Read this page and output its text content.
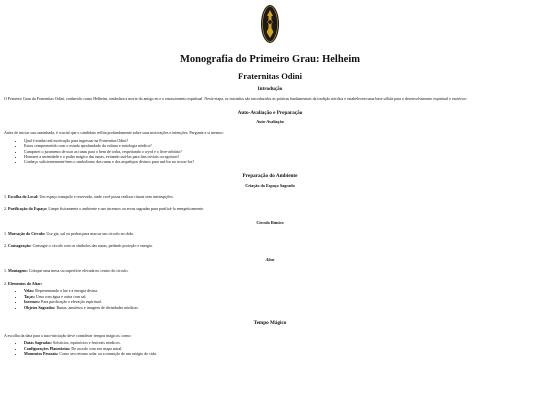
Monografia do Primeiro Grau: Helheim
Fraternitas Odini
Introdução

O Primeiro Grau da Fraternitas Odini, conhecido como Helheim, simboliza a morte do antigo eu e o renascimento espiritual. Neste etapa, os iniciados são introduzidos às práticas fundamentais da tradição nórdica e estabelecem uma base sólida para o desenvolvimento espiritual e esotérico.

Auto-Avaliação e Preparação
Auto-Avaliação

Antes de iniciar sua caminhada, é crucial que o candidato reflita profundamente sobre suas motivações e intenções. Pergunte a si mesmo:

• Qual é minha real motivação para ingressar na Fraternitas Odini?
• Estou comprometido com o estudo aprofundado da cultura e mitologia nórdica?
• Cumprirei o juramento de usar as runas para o bem de todos, respeitando o wyrd e o livre-arbítrio?
• Honrarei a serenidade e o poder mágico das runas, evitando usá-las para fins triviais ou egoístas?
• Conheço suficientemente bem o simbolismo das runas e dos arquétipos divinos para usá-los no trocar-los?
Preparação do Ambiente
Criação do Espaço Sagrado

1. Escolha do Local: Um espaço tranquilo e reservado, onde você possa realizar rituais sem interrupções.

2. Purificação do Espaço: Limpe fisicamente o ambiente e use incensos ou ervas sagradas para purificá-lo energeticamente.

Círculo Rúnico

1. Marcação do Círculo: Use giz, sal ou pedras para marcar um círculo no chão.

2. Consagração: Consagre o círculo com os símbolos das runas, pedindo proteção e energia.

Altar

1. Montagem: Coloque uma mesa ou superfície elevada no centro do círculo.

2. Elementos do Altar:

• Velas: Representando a luz e a energia divina.
• Taças: Uma com água e outra com sal.
• Incensos: Para purificação e elevação espiritual.
• Objetos Sagrados: Runas, amuletos e imagens de divindades nórdicas.
Tempo Mágico

A escolha da data para a auto-iniciação deve considerar tempos mágicos, como:

• Datas Sagradas: Solstícios, equinócios e festivais nórdicos.
• Configurações Planetárias: De acordo com seu mapa astral.
• Momentos Pessoais: Como seu retorno solar ou a transição de um estágio de vida.
